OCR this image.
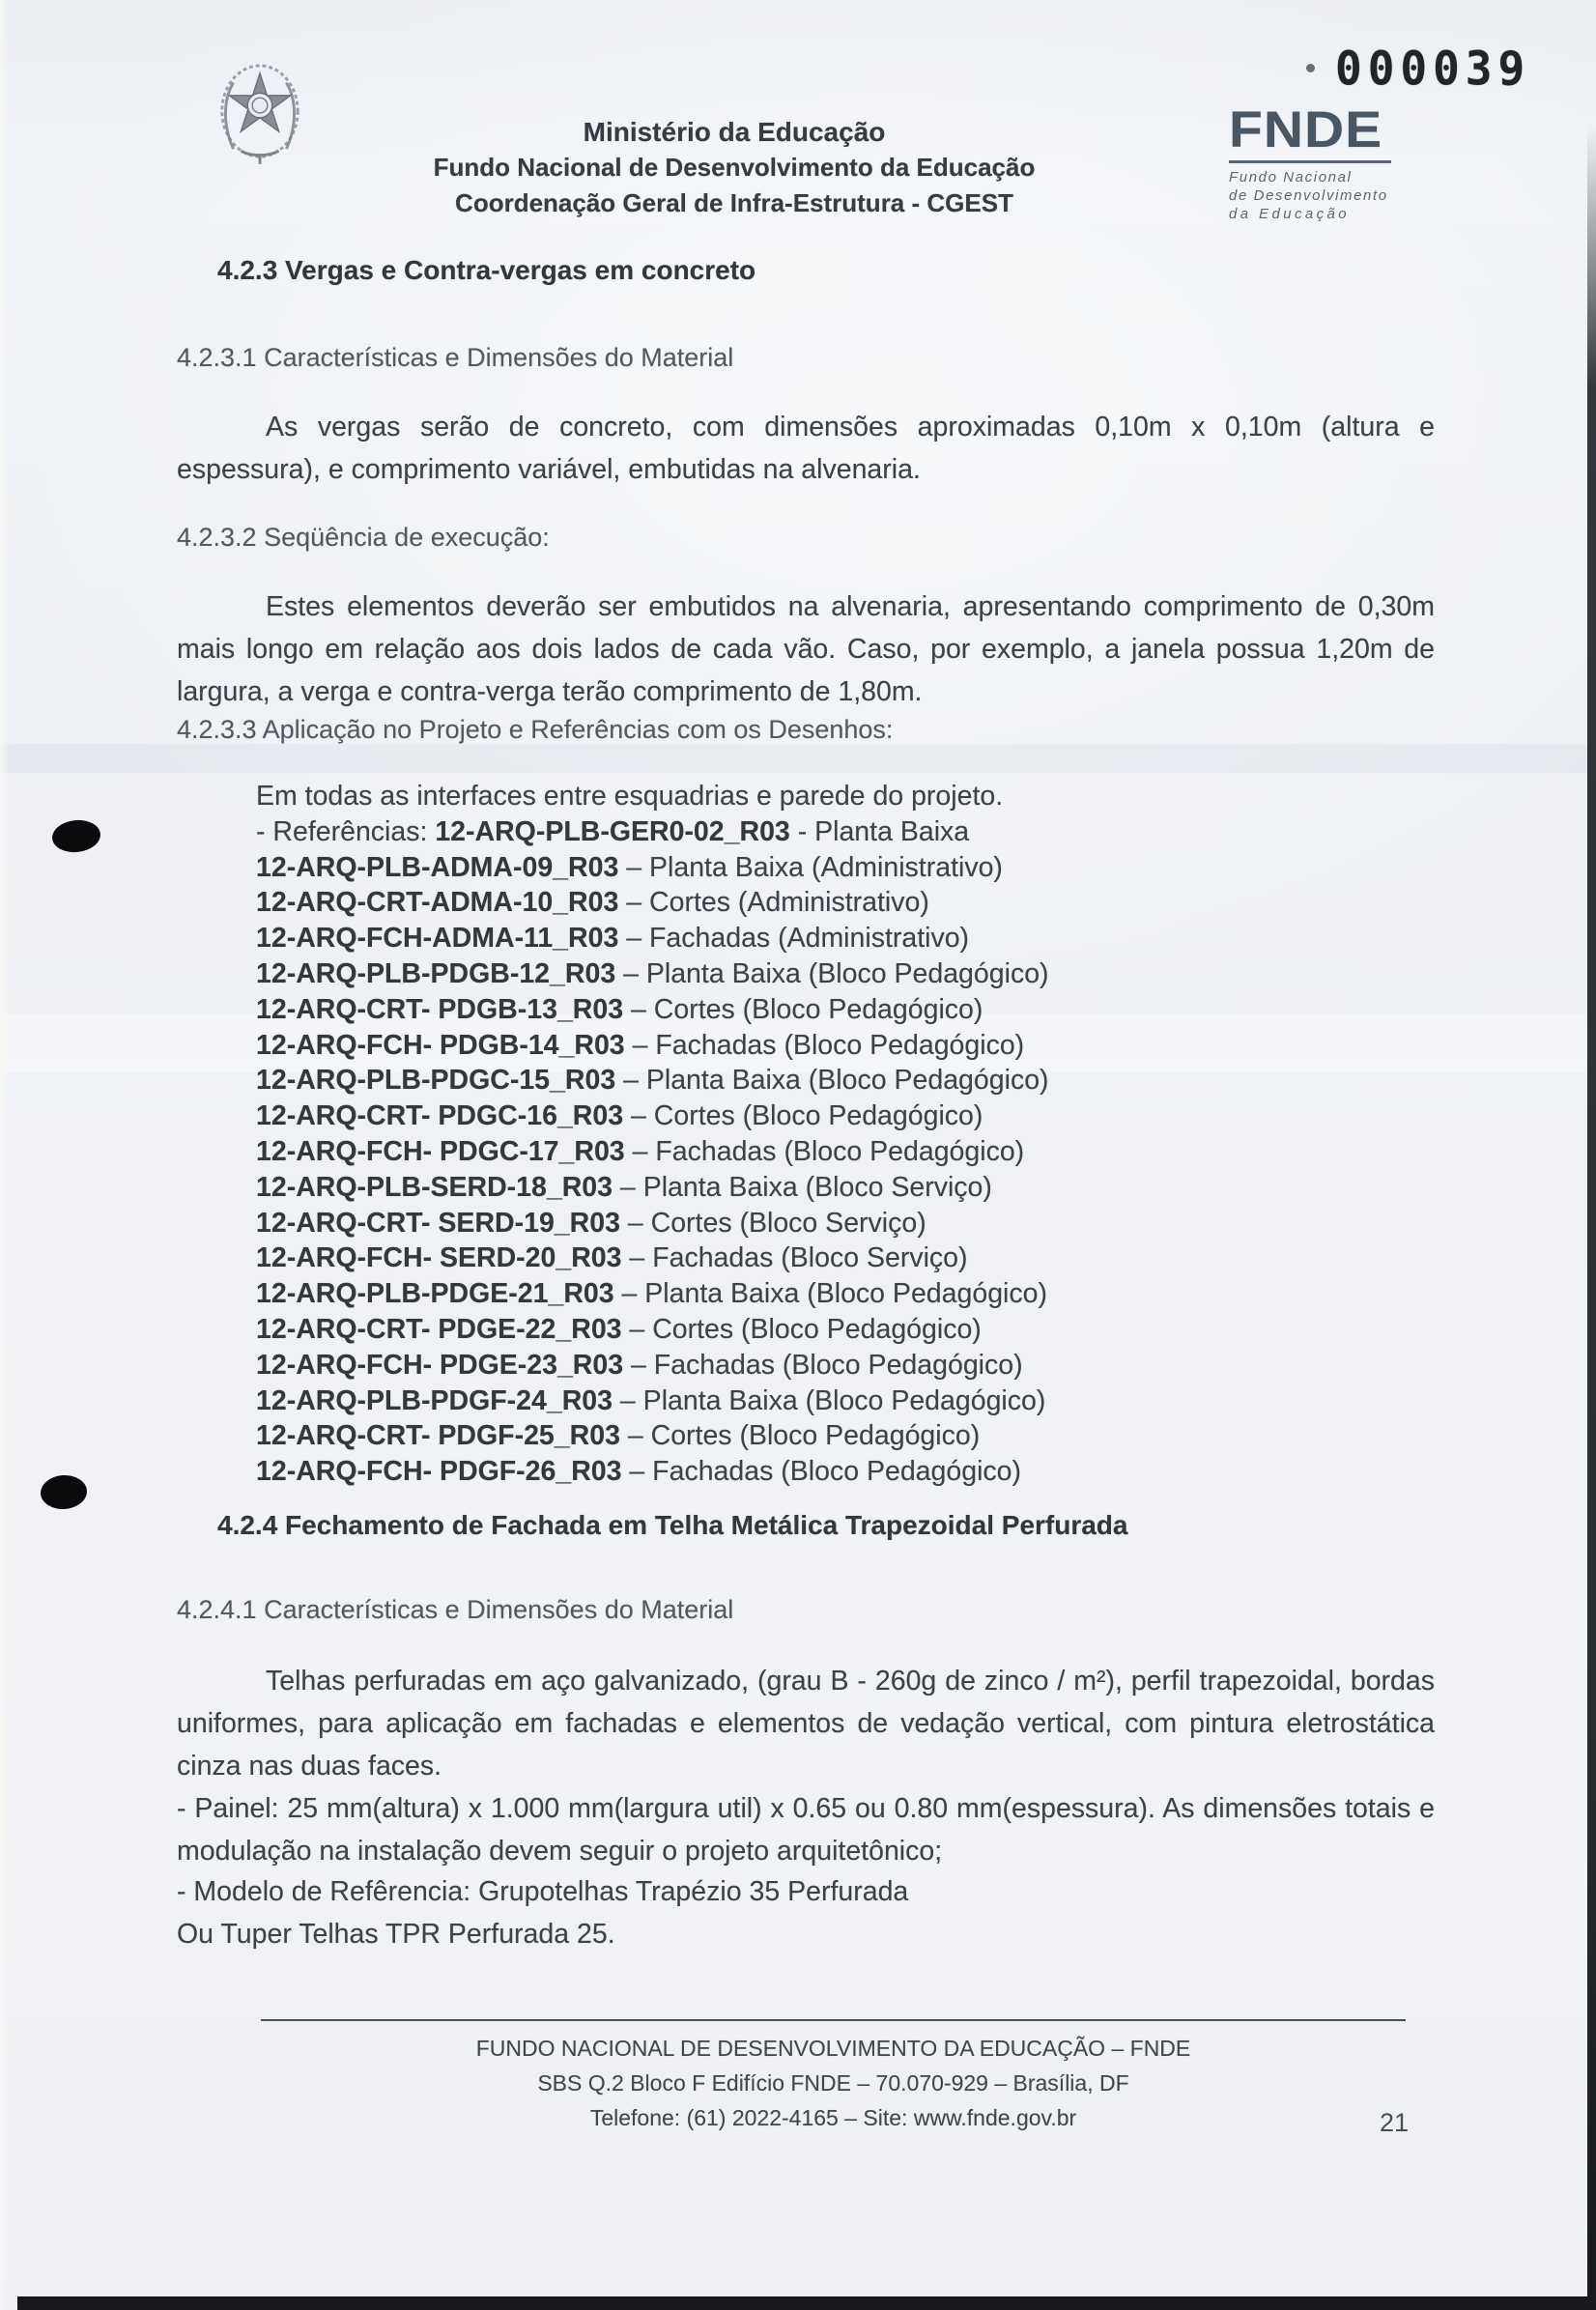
000039
Ministério da Educação
Fundo Nacional de Desenvolvimento da Educação
Coordenação Geral de Infra-Estrutura - CGEST
FNDE
Fundo Nacional
de Desenvolvimento
da Educação
4.2.3 Vergas e Contra-vergas em concreto
4.2.3.1 Características e Dimensões do Material
As vergas serão de concreto, com dimensões aproximadas 0,10m x 0,10m (altura e espessura), e comprimento variável, embutidas na alvenaria.
4.2.3.2 Seqüência de execução:
Estes elementos deverão ser embutidos na alvenaria, apresentando comprimento de 0,30m mais longo em relação aos dois lados de cada vão. Caso, por exemplo, a janela possua 1,20m de largura, a verga e contra-verga terão comprimento de 1,80m.
4.2.3.3 Aplicação no Projeto e Referências com os Desenhos:
Em todas as interfaces entre esquadrias e parede do projeto.
- Referências: 12-ARQ-PLB-GER0-02_R03 - Planta Baixa
12-ARQ-PLB-ADMA-09_R03 – Planta Baixa (Administrativo)
12-ARQ-CRT-ADMA-10_R03 – Cortes (Administrativo)
12-ARQ-FCH-ADMA-11_R03 – Fachadas (Administrativo)
12-ARQ-PLB-PDGB-12_R03 – Planta Baixa (Bloco Pedagógico)
12-ARQ-CRT- PDGB-13_R03 – Cortes (Bloco Pedagógico)
12-ARQ-FCH- PDGB-14_R03 – Fachadas (Bloco Pedagógico)
12-ARQ-PLB-PDGC-15_R03 – Planta Baixa (Bloco Pedagógico)
12-ARQ-CRT- PDGC-16_R03 – Cortes (Bloco Pedagógico)
12-ARQ-FCH- PDGC-17_R03 – Fachadas (Bloco Pedagógico)
12-ARQ-PLB-SERD-18_R03 – Planta Baixa (Bloco Serviço)
12-ARQ-CRT- SERD-19_R03 – Cortes (Bloco Serviço)
12-ARQ-FCH- SERD-20_R03 – Fachadas (Bloco Serviço)
12-ARQ-PLB-PDGE-21_R03 – Planta Baixa (Bloco Pedagógico)
12-ARQ-CRT- PDGE-22_R03 – Cortes (Bloco Pedagógico)
12-ARQ-FCH- PDGE-23_R03 – Fachadas (Bloco Pedagógico)
12-ARQ-PLB-PDGF-24_R03 – Planta Baixa (Bloco Pedagógico)
12-ARQ-CRT- PDGF-25_R03 – Cortes (Bloco Pedagógico)
12-ARQ-FCH- PDGF-26_R03 – Fachadas (Bloco Pedagógico)
4.2.4 Fechamento de Fachada em Telha Metálica Trapezoidal Perfurada
4.2.4.1 Características e Dimensões do Material
Telhas perfuradas em aço galvanizado, (grau B - 260g de zinco / m²), perfil trapezoidal, bordas uniformes, para aplicação em fachadas e elementos de vedação vertical, com pintura eletrostática cinza nas duas faces.
- Painel: 25 mm(altura) x 1.000 mm(largura util) x 0.65 ou 0.80 mm(espessura). As dimensões totais e modulação na instalação devem seguir o projeto arquitetônico;
- Modelo de Refêrencia: Grupotelhas Trapézio 35 Perfurada
Ou Tuper Telhas TPR Perfurada 25.
FUNDO NACIONAL DE DESENVOLVIMENTO DA EDUCAÇÃO – FNDE
SBS Q.2 Bloco F Edifício FNDE – 70.070-929 – Brasília, DF
Telefone: (61) 2022-4165 – Site: www.fnde.gov.br	21
